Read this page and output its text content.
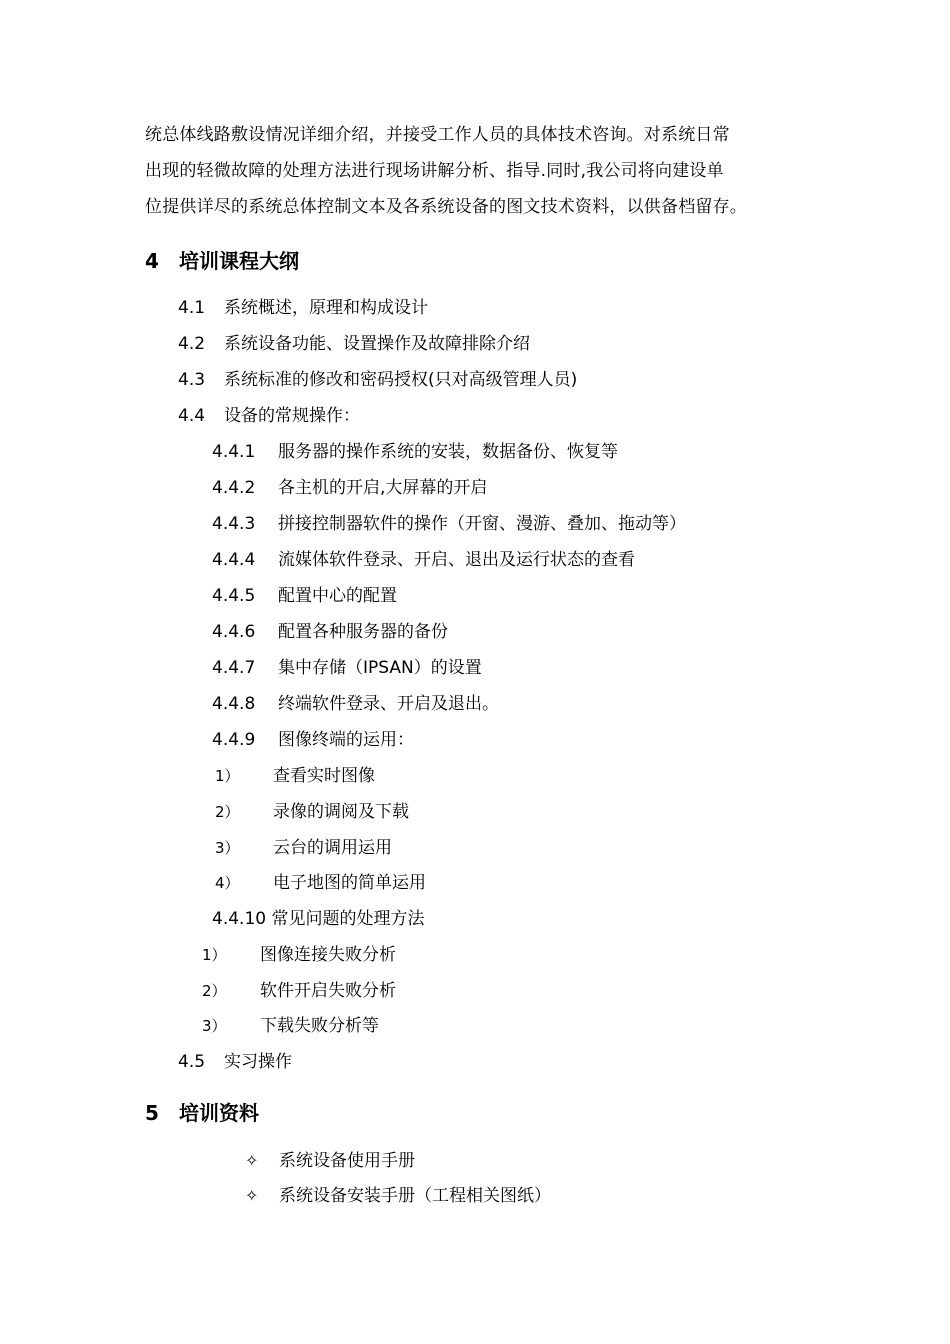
统总体线路敷设情况详细介绍，并接受工作人员的具体技术咨询。对系统日常
出现的轻微故障的处理方法进行现场讲解分析、指导.同时,我公司将向建设单
位提供详尽的系统总体控制文本及各系统设备的图文技术资料，以供备档留存。
4 培训课程大纲
4.1 系统概述，原理和构成设计
4.2 系统设备功能、设置操作及故障排除介绍
4.3 系统标准的修改和密码授权(只对高级管理人员)
4.4 设备的常规操作：
4.4.1 服务器的操作系统的安装，数据备份、恢复等
4.4.2 各主机的开启,大屏幕的开启
4.4.3 拼接控制器软件的操作（开窗、漫游、叠加、拖动等）
4.4.4 流媒体软件登录、开启、退出及运行状态的查看
4.4.5 配置中心的配置
4.4.6 配置各种服务器的备份
4.4.7 集中存储（IPSAN）的设置
4.4.8 终端软件登录、开启及退出。
4.4.9 图像终端的运用：
1） 查看实时图像
2） 录像的调阅及下载
3） 云台的调用运用
4） 电子地图的简单运用
4.4.10 常见问题的处理方法
1） 图像连接失败分析
2） 软件开启失败分析
3） 下载失败分析等
4.5 实习操作
5 培训资料
✧ 系统设备使用手册
✧ 系统设备安装手册（工程相关图纸）
